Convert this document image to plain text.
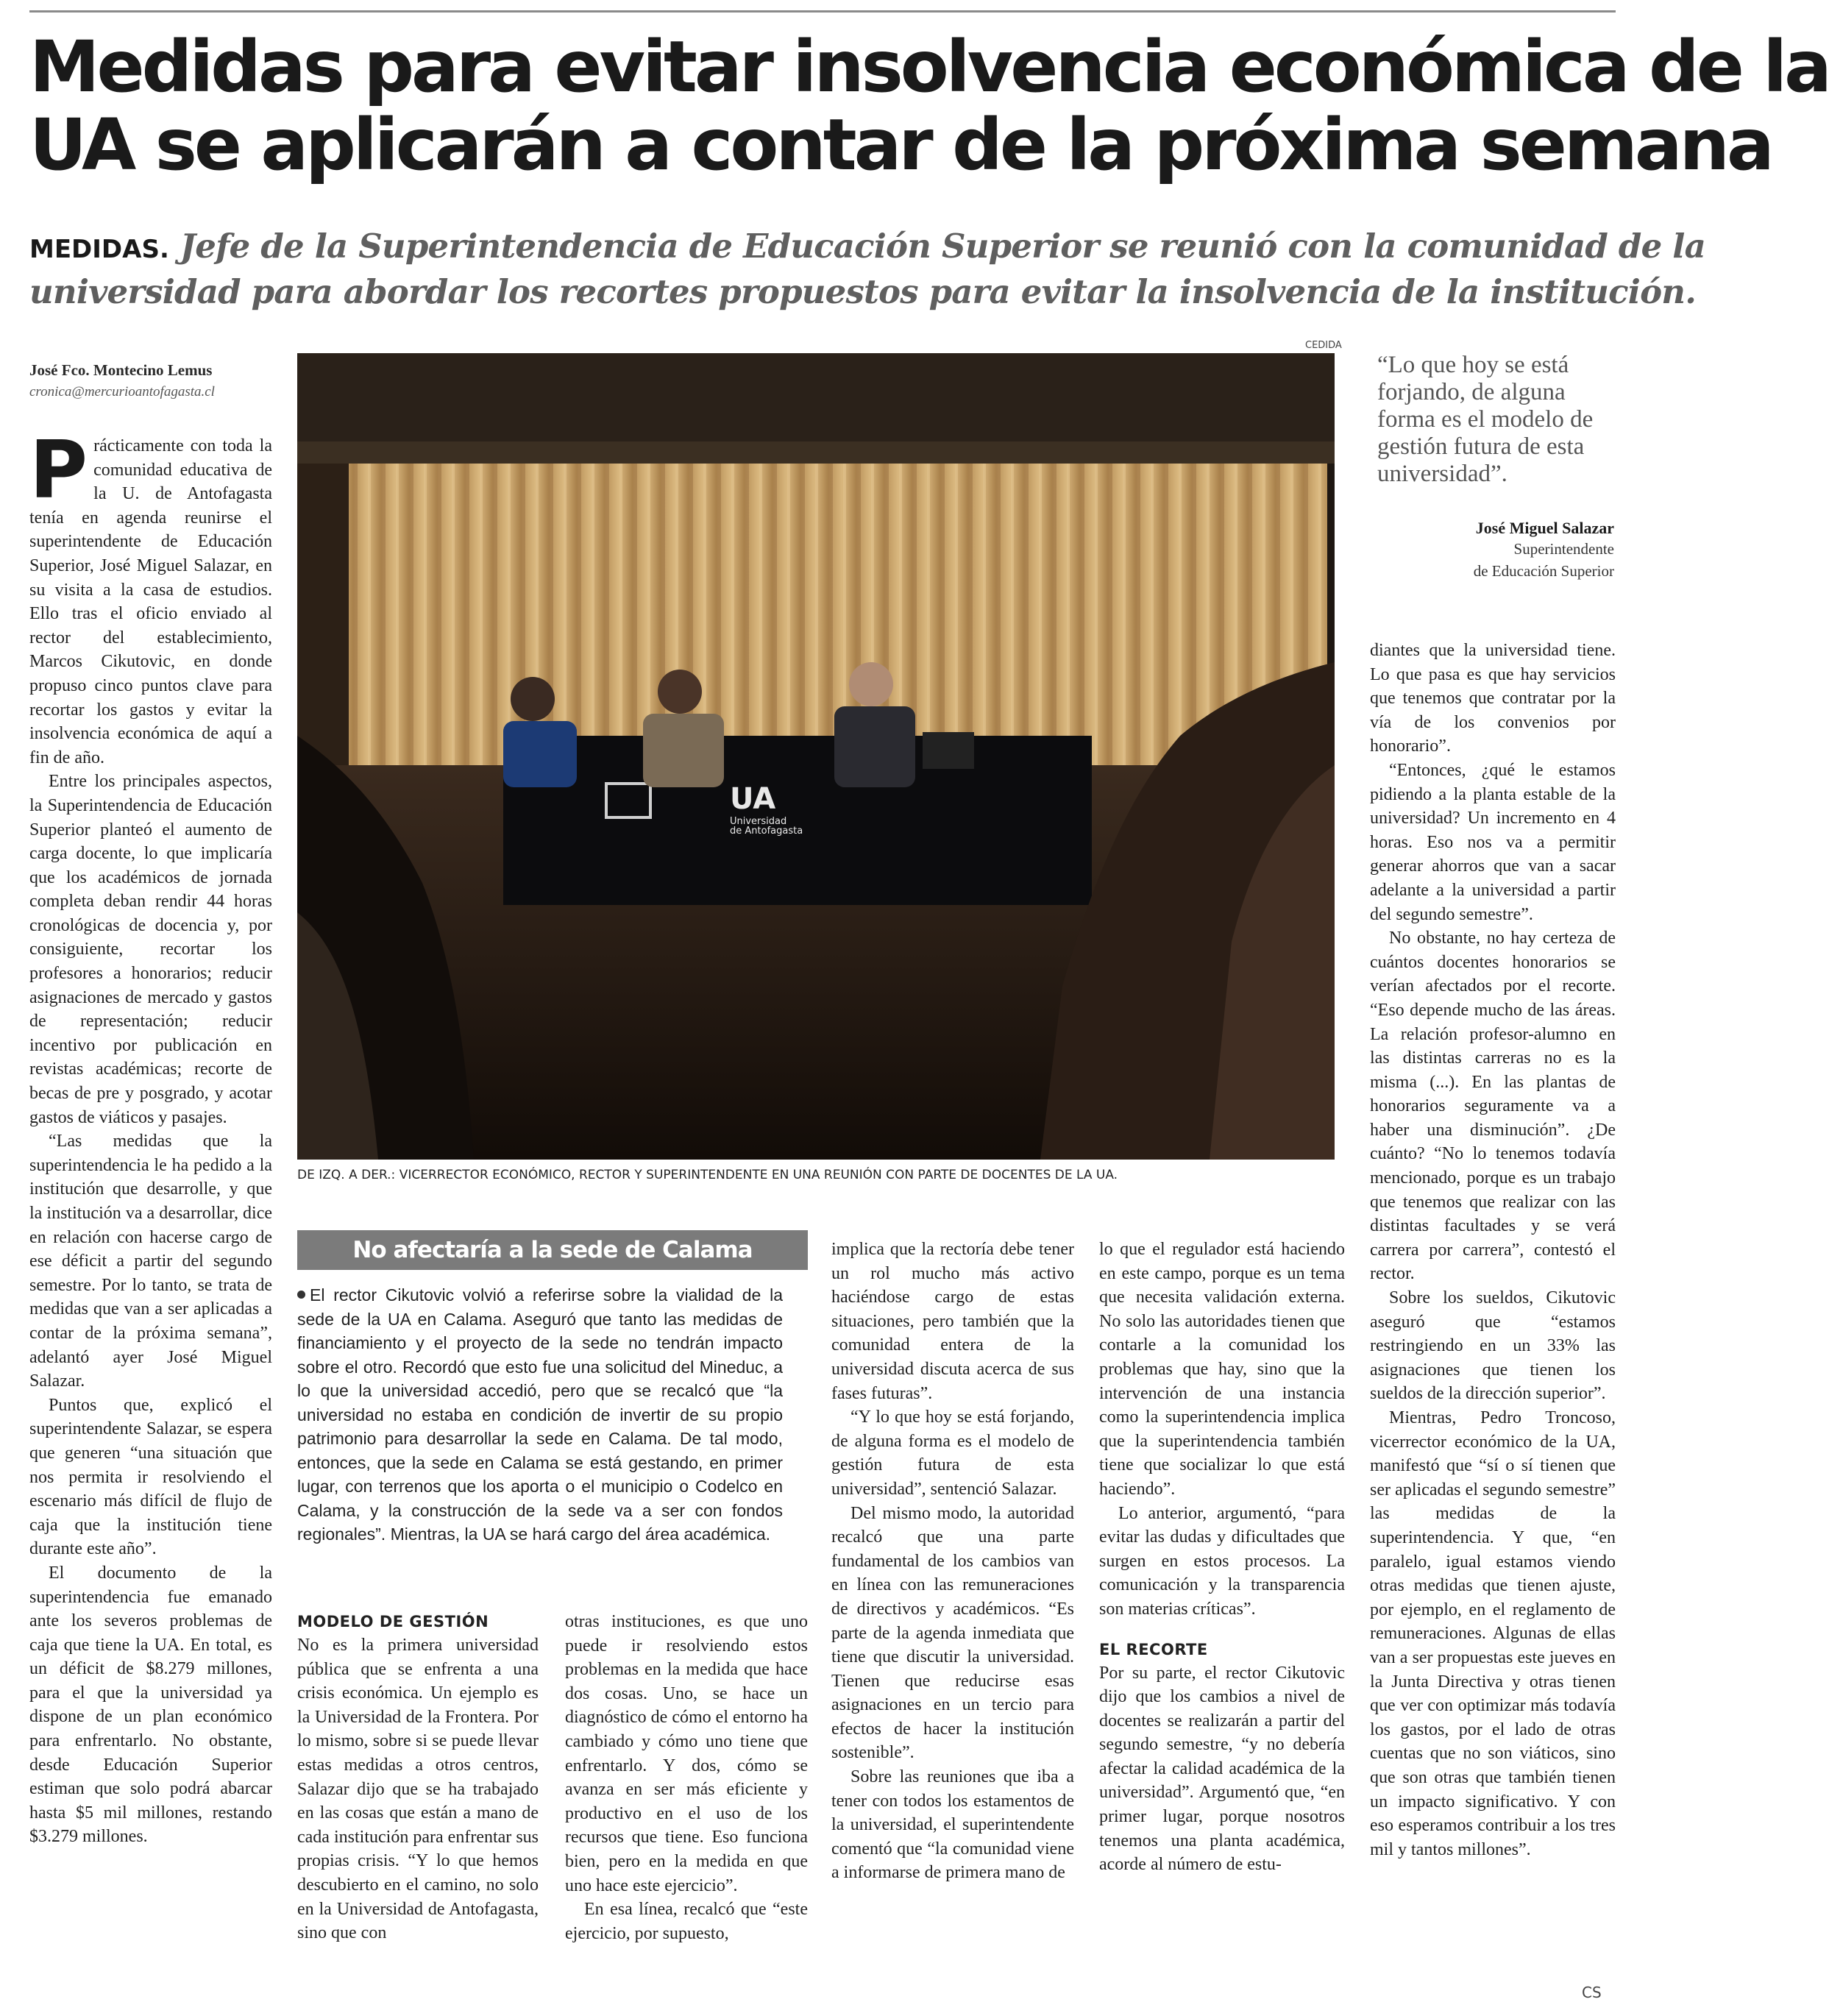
Medidas para evitar insolvencia económica de la
UA se aplicarán a contar de la próxima semana
MEDIDAS. Jefe de la Superintendencia de Educación Superior se reunió con la comunidad de la
universidad para abordar los recortes propuestos para evitar la insolvencia de la institución.
José Fco. Montecino Lemus
cronica@mercurioantofagasta.cl

Prácticamente con toda la comunidad educativa de la U. de Antofagasta tenía en agenda reunirse el superintendente de Educación Superior, José Miguel Salazar, en su visita a la casa de estudios. Ello tras el oficio enviado al rector del establecimiento, Marcos Cikutovic, en donde propuso cinco puntos clave para recortar los gastos y evitar la insolvencia económica de aquí a fin de año.

Entre los principales aspectos, la Superintendencia de Educación Superior planteó el aumento de carga docente, lo que implicaría que los académicos de jornada completa deban rendir 44 horas cronológicas de docencia y, por consiguiente, recortar los profesores a honorarios; reducir asignaciones de mercado y gastos de representación; reducir incentivo por publicación en revistas académicas; recorte de becas de pre y posgrado, y acotar gastos de viáticos y pasajes.

“Las medidas que la superintendencia le ha pedido a la institución que desarrolle, y que la institución va a desarrollar, dice en relación con hacerse cargo de ese déficit a partir del segundo semestre. Por lo tanto, se trata de medidas que van a ser aplicadas a contar de la próxima semana”, adelantó ayer José Miguel Salazar.

Puntos que, explicó el superintendente Salazar, se espera que generen “una situación que nos permita ir resolviendo el escenario más difícil de flujo de caja que la institución tiene durante este año”.

El documento de la superintendencia fue emanado ante los severos problemas de caja que tiene la UA. En total, es un déficit de $8.279 millones, para el que la universidad ya dispone de un plan económico para enfrentarlo. No obstante, desde Educación Superior estiman que solo podrá abarcar hasta $5 mil millones, restando $3.279 millones.

CEDIDA
UA
Universidad
de Antofagasta
DE IZQ. A DER.: VICERRECTOR ECONÓMICO, RECTOR Y SUPERINTENDENTE EN UNA REUNIÓN CON PARTE DE DOCENTES DE LA UA.
“Lo que hoy se está forjando, de alguna forma es el modelo de gestión futura de esta universidad”.
José Miguel Salazar
Superintendente
de Educación Superior

diantes que la universidad tiene. Lo que pasa es que hay servicios que tenemos que contratar por la vía de los convenios por honorario”.

“Entonces, ¿qué le estamos pidiendo a la planta estable de la universidad? Un incremento en 4 horas. Eso nos va a permitir generar ahorros que van a sacar adelante a la universidad a partir del segundo semestre”.

No obstante, no hay certeza de cuántos docentes honorarios se verían afectados por el recorte. “Eso depende mucho de las áreas. La relación profesor-alumno en las distintas carreras no es la misma (...). En las plantas de honorarios seguramente va a haber una disminución”. ¿De cuánto? “No lo tenemos todavía mencionado, porque es un trabajo que tenemos que realizar con las distintas facultades y se verá carrera por carrera”, contestó el rector.

Sobre los sueldos, Cikutovic aseguró que “estamos restringiendo en un 33% las asignaciones que tienen los sueldos de la dirección superior”.

Mientras, Pedro Troncoso, vicerrector económico de la UA, manifestó que “sí o sí tienen que ser aplicadas el segundo semestre” las medidas de la superintendencia. Y que, “en paralelo, igual estamos viendo otras medidas que tienen ajuste, por ejemplo, en el reglamento de remuneraciones. Algunas de ellas van a ser propuestas este jueves en la Junta Directiva y otras tienen que ver con optimizar más todavía los gastos, por el lado de otras cuentas que no son viáticos, sino que son otras que también tienen un impacto significativo. Y con eso esperamos contribuir a los tres mil y tantos millones”.

No afectaría a la sede de Calama
El rector Cikutovic volvió a referirse sobre la vialidad de la sede de la UA en Calama. Aseguró que tanto las medidas de financiamiento y el proyecto de la sede no tendrán impacto sobre el otro. Recordó que esto fue una solicitud del Mineduc, a lo que la universidad accedió, pero que se recalcó que “la universidad no estaba en condición de invertir de su propio patrimonio para desarrollar la sede en Calama. De tal modo, entonces, que la sede en Calama se está gestando, en primer lugar, con terrenos que los aporta o el municipio o Codelco en Calama, y la construcción de la sede va a ser con fondos regionales”. Mientras, la UA se hará cargo del área académica.
MODELO DE GESTIÓN

No es la primera universidad pública que se enfrenta a una crisis económica. Un ejemplo es la Universidad de la Frontera. Por lo mismo, sobre si se puede llevar estas medidas a otros centros, Salazar dijo que se ha trabajado en las cosas que están a mano de cada institución para enfrentar sus propias crisis. “Y lo que hemos descubierto en el camino, no solo en la Universidad de Antofagasta, sino que con

otras instituciones, es que uno puede ir resolviendo estos problemas en la medida que hace dos cosas. Uno, se hace un diagnóstico de cómo el entorno ha cambiado y cómo uno tiene que enfrentarlo. Y dos, cómo se avanza en ser más eficiente y productivo en el uso de los recursos que tiene. Eso funciona bien, pero en la medida en que uno hace este ejercicio”.

En esa línea, recalcó que “este ejercicio, por supuesto,

implica que la rectoría debe tener un rol mucho más activo haciéndose cargo de estas situaciones, pero también que la comunidad entera de la universidad discuta acerca de sus fases futuras”.

“Y lo que hoy se está forjando, de alguna forma es el modelo de gestión futura de esta universidad”, sentenció Salazar.

Del mismo modo, la autoridad recalcó que una parte fundamental de los cambios van en línea con las remuneraciones de directivos y académicos. “Es parte de la agenda inmediata que tiene que discutir la universidad. Tienen que reducirse esas asignaciones en un tercio para efectos de hacer la institución sostenible”.

Sobre las reuniones que iba a tener con todos los estamentos de la universidad, el superintendente comentó que “la comunidad viene a informarse de primera mano de

lo que el regulador está haciendo en este campo, porque es un tema que necesita validación externa. No solo las autoridades tienen que contarle a la comunidad los problemas que hay, sino que la intervención de una instancia como la superintendencia implica que la superintendencia también tiene que socializar lo que está haciendo”.

Lo anterior, argumentó, “para evitar las dudas y dificultades que surgen en estos procesos. La comunicación y la transparencia son materias críticas”.

EL RECORTE

Por su parte, el rector Cikutovic dijo que los cambios a nivel de docentes se realizarán a partir del segundo semestre, “y no debería afectar la calidad académica de la universidad”. Argumentó que, “en primer lugar, porque nosotros tenemos una planta académica, acorde al número de estu-

CS
